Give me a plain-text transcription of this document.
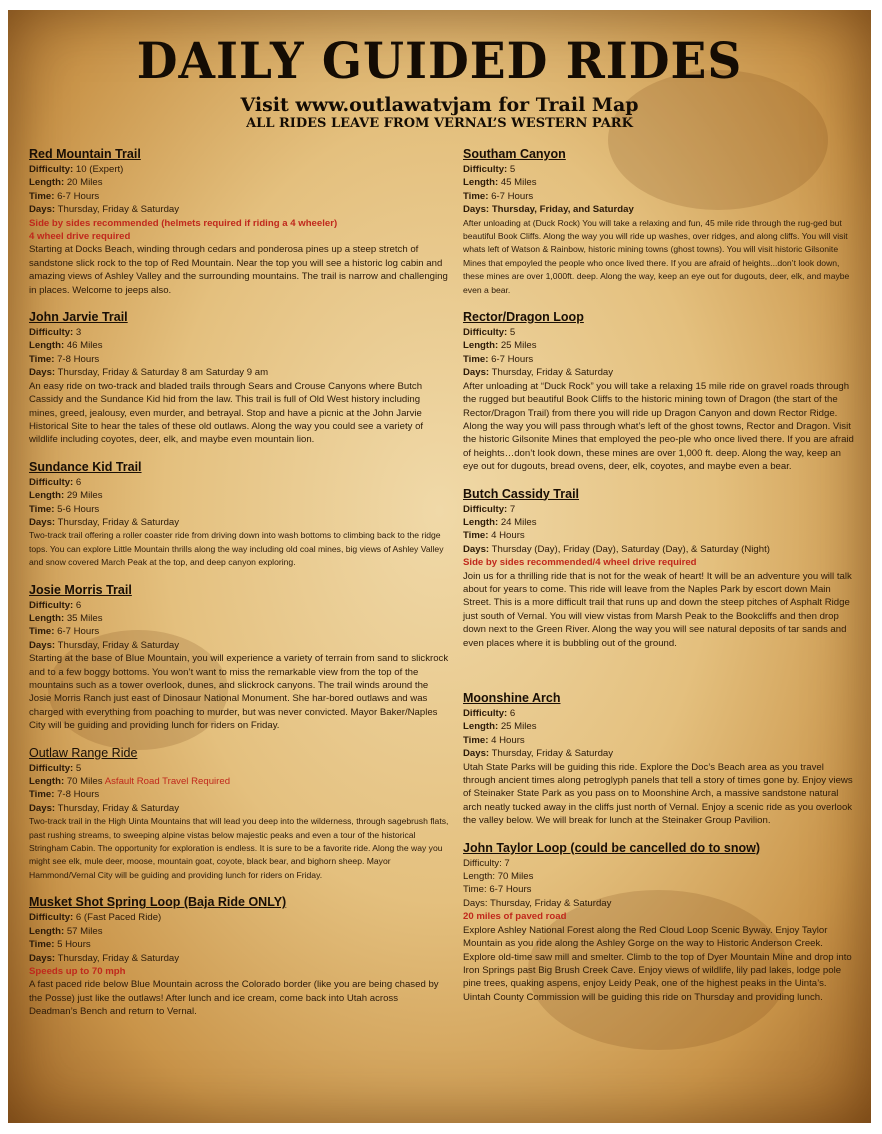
DAILY GUIDED RIDES
Visit www.outlawatvjam for Trail Map
ALL RIDES LEAVE FROM VERNAL’S WESTERN PARK
Red Mountain Trail
Difficulty: 10 (Expert)
Length: 20 Miles
Time: 6-7 Hours
Days: Thursday, Friday & Saturday
Side by sides recommended (helmets required if riding a 4 wheeler)
4 wheel drive required

Starting at Docks Beach, winding through cedars and ponderosa pines up a steep stretch of sandstone slick rock to the top of Red Mountain. Near the top you will see a historic log cabin and amazing views of Ashley Valley and the surrounding mountains. The trail is narrow and challenging in places. Welcome to jeeps also.

John Jarvie Trail
Difficulty: 3
Length: 46 Miles
Time: 7-8 Hours
Days: Thursday, Friday & Saturday 8 am Saturday 9 am

An easy ride on two-track and bladed trails through Sears and Crouse Canyons where Butch Cassidy and the Sundance Kid hid from the law. This trail is full of Old West history including mines, greed, jealousy, even murder, and betrayal. Stop and have a picnic at the John Jarvie Historical Site to hear the tales of these old outlaws. Along the way you could see a variety of wildlife including coyotes, deer, elk, and maybe even mountain lion.

Sundance Kid Trail
Difficulty: 6
Length: 29 Miles
Time: 5-6 Hours
Days: Thursday, Friday & Saturday

Two-track trail offering a roller coaster ride from driving down into wash bottoms to climbing back to the ridge tops. You can explore Little Mountain thrills along the way including old coal mines, big views of Ashley Valley and snow covered March Peak at the top, and deep canyon exploring.

Josie Morris Trail
Difficulty: 6
Length: 35 Miles
Time: 6-7 Hours
Days: Thursday, Friday & Saturday

Starting at the base of Blue Mountain, you will experience a variety of terrain from sand to slickrock and to a few boggy bottoms. You won’t want to miss the remarkable view from the top of the mountains such as a tower overlook, dunes, and slickrock canyons. The trail winds around the Josie Morris Ranch just east of Dinosaur National Monument. She har-bored outlaws and was charged with everything from poaching to murder, but was never convicted. Mayor Baker/Naples City will be guiding and providing lunch for riders on Friday.

Outlaw Range Ride
Difficulty: 5
Length: 70 Miles Asfault Road Travel Required
Time: 7-8 Hours
Days: Thursday, Friday & Saturday

Two-track trail in the High Uinta Mountains that will lead you deep into the wilderness, through sagebrush flats, past rushing streams, to sweeping alpine vistas below majestic peaks and even a tour of the historical Stringham Cabin. The opportunity for exploration is endless. It is sure to be a favorite ride. Along the way you might see elk, mule deer, moose, mountain goat, coyote, black bear, and bighorn sheep. Mayor Hammond/Vernal City will be guiding and providing lunch for riders on Friday.

Musket Shot Spring Loop (Baja Ride ONLY)
Difficulty: 6 (Fast Paced Ride)
Length: 57 Miles
Time: 5 Hours
Days: Thursday, Friday & Saturday
Speeds up to 70 mph

A fast paced ride below Blue Mountain across the Colorado border (like you are being chased by the Posse) just like the outlaws! After lunch and ice cream, come back into Utah across Deadman’s Bench and return to Vernal.

Southam Canyon
Difficulty: 5
Length: 45 Miles
Time: 6-7 Hours
Days: Thursday, Friday, and Saturday

After unloading at (Duck Rock) You will take a relaxing and fun, 45 mile ride through the rug-ged but beautiful Book Cliffs. Along the way you will ride up washes, over ridges, and along cliffs. You will visit whats left of Watson & Rainbow, historic mining towns (ghost towns). You will visit historic Gilsonite Mines that empoyled the people who once lived there. If you are afraid of heights...don’t look down, these mines are over 1,000ft. deep. Along the way, keep an eye out for dugouts, deer, elk, and maybe even a bear.

Rector/Dragon Loop
Difficulty: 5
Length: 25 Miles
Time: 6-7 Hours
Days: Thursday, Friday & Saturday

After unloading at “Duck Rock” you will take a relaxing 15 mile ride on gravel roads through the rugged but beautiful Book Cliffs to the historic mining town of Dragon (the start of the Rector/Dragon Trail) from there you will ride up Dragon Canyon and down Rector Ridge. Along the way you will pass through what’s left of the ghost towns, Rector and Dragon. Visit the historic Gilsonite Mines that employed the peo-ple who once lived there. If you are afraid of heights…don’t look down, these mines are over 1,000 ft. deep. Along the way, keep an eye out for dugouts, bread ovens, deer, elk, coyotes, and maybe even a bear.

Butch Cassidy Trail
Difficulty: 7
Length: 24 Miles
Time: 4 Hours
Days: Thursday (Day), Friday (Day), Saturday (Day), & Saturday (Night)
Side by sides recommended/4 wheel drive required

Join us for a thrilling ride that is not for the weak of heart! It will be an adventure you will talk about for years to come. This ride will leave from the Naples Park by escort down Main Street. This is a more difficult trail that runs up and down the steep pitches of Asphalt Ridge just south of Vernal. You will view vistas from Marsh Peak to the Bookcliffs and then drop down next to the Green River. Along the way you will see natural deposits of tar sands and even places where it is bubbling out of the ground.

Moonshine Arch
Difficulty: 6
Length: 25 Miles
Time: 4 Hours
Days: Thursday, Friday & Saturday

Utah State Parks will be guiding this ride. Explore the Doc’s Beach area as you travel through ancient times along petroglyph panels that tell a story of times gone by. Enjoy views of Steinaker State Park as you pass on to Moonshine Arch, a massive sandstone natural arch neatly tucked away in the cliffs just north of Vernal. Enjoy a scenic ride as you overlook the valley below. We will break for lunch at the Steinaker Group Pavilion.

John Taylor Loop (could be cancelled do to snow)
Difficulty: 7
Length: 70 Miles
Time: 6-7 Hours
Days: Thursday, Friday & Saturday
20 miles of paved road

Explore Ashley National Forest along the Red Cloud Loop Scenic Byway. Enjoy Taylor Mountain as you ride along the Ashley Gorge on the way to Historic Anderson Creek. Explore old-time saw mill and smelter. Climb to the top of Dyer Mountain Mine and drop into Iron Springs past Big Brush Creek Cave. Enjoy views of wildlife, lily pad lakes, lodge pole pine trees, quaking aspens, enjoy Leidy Peak, one of the highest peaks in the Uinta’s. Uintah County Commission will be guiding this ride on Thursday and providing lunch.
